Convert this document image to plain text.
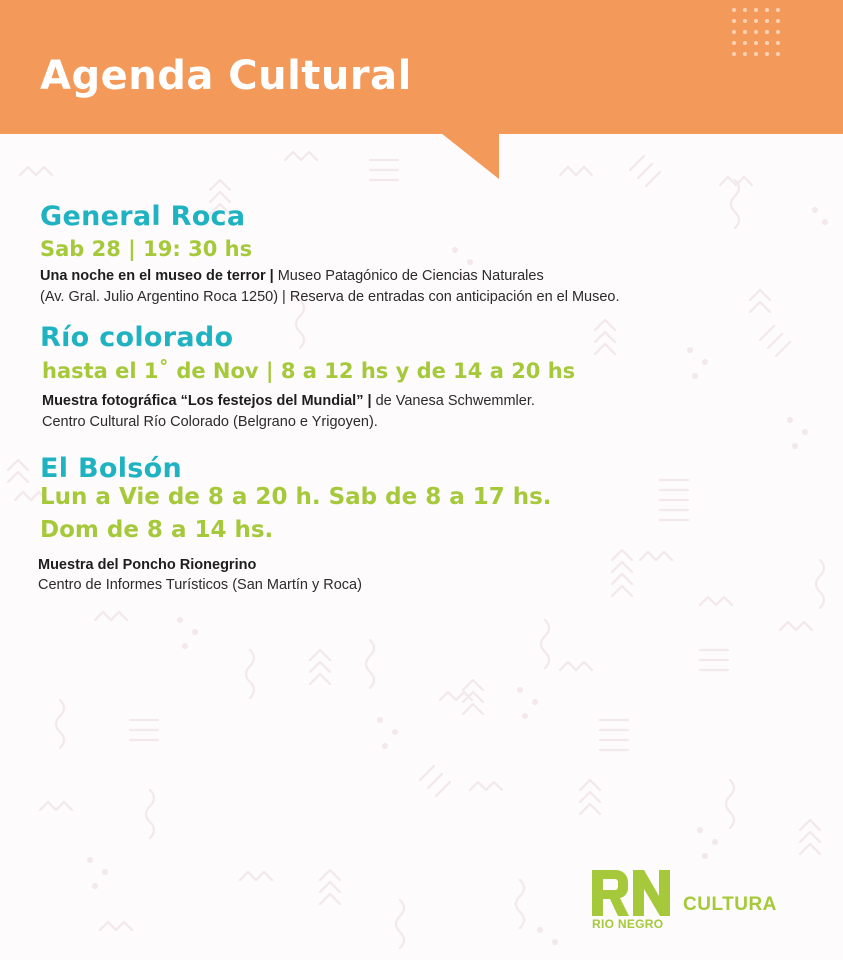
Agenda Cultural
General Roca

Sab 28 | 19: 30 hs

Una noche en el museo de terror | Museo Patagónico de Ciencias Naturales

(Av. Gral. Julio Argentino Roca 1250) | Reserva de entradas con anticipación en el Museo.

Río colorado

hasta el 1˚ de Nov | 8 a 12 hs y de 14 a 20 hs

Muestra fotográfica “Los festejos del Mundial” | de Vanesa Schwemmler.

Centro Cultural Río Colorado (Belgrano e Yrigoyen).

El Bolsón

Lun a Vie de 8 a 20 h. Sab de 8 a 17 hs.

Dom de 8 a 14 hs.

Muestra del Poncho Rionegrino

Centro de Informes Turísticos (San Martín y Roca)

RIO NEGRO
CULTURA
